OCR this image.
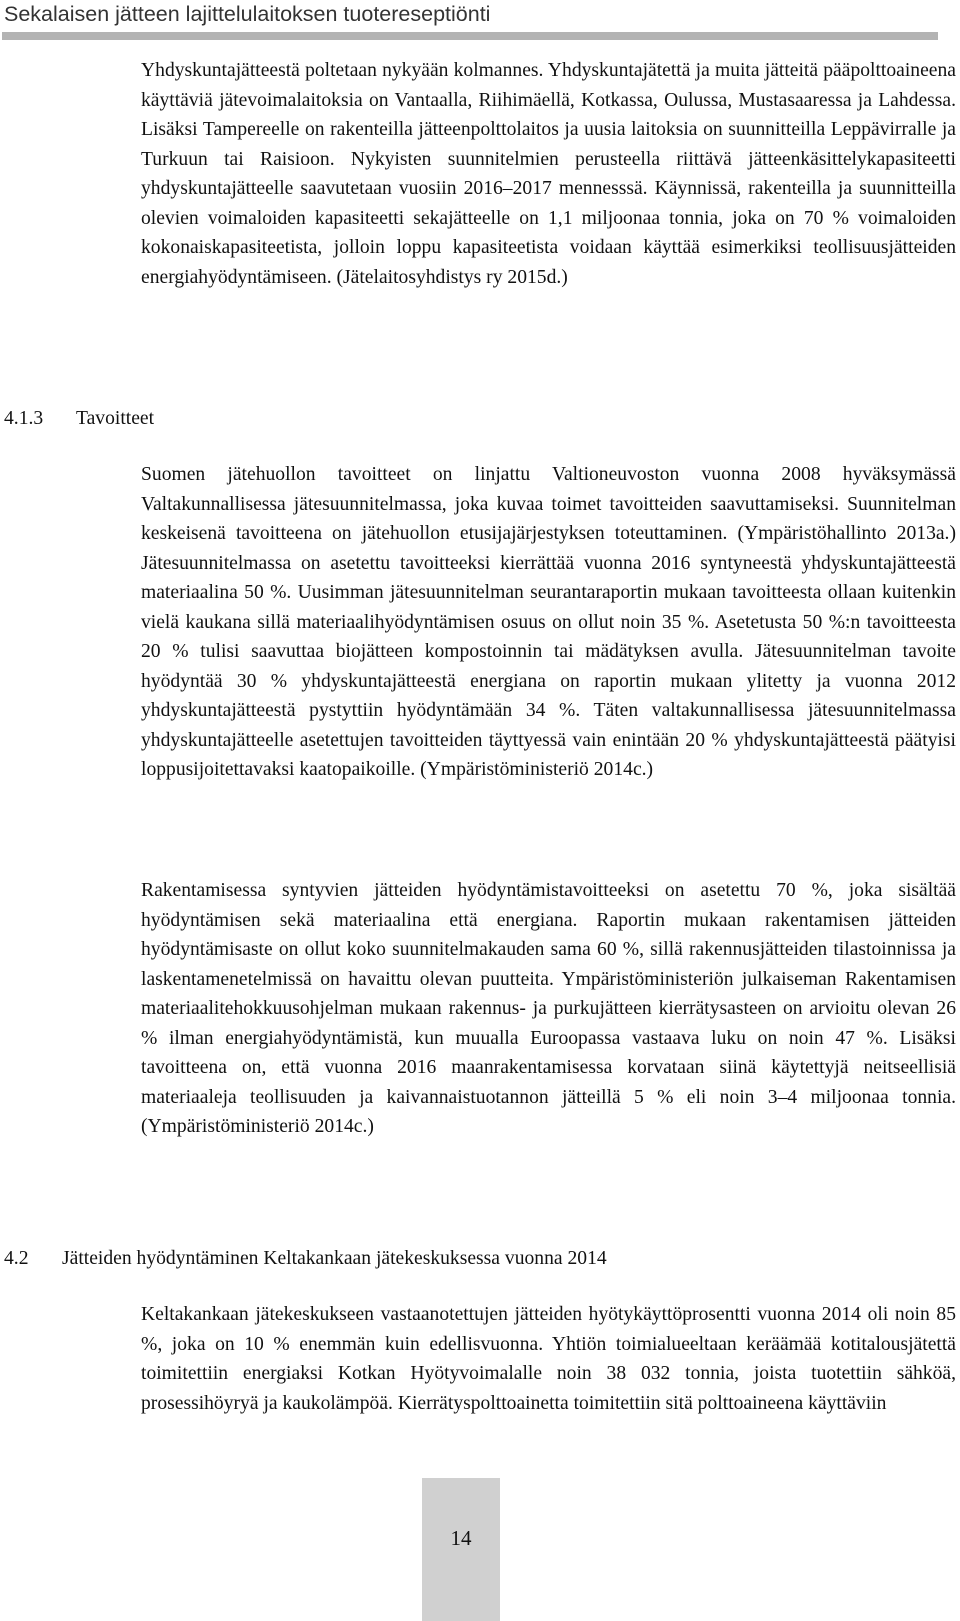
Sekalaisen jätteen lajittelulaitoksen tuotereseptiönti

Yhdyskuntajätteestä poltetaan nykyään kolmannes. Yhdyskuntajätettä ja muita jätteitä pääpolttoaineena käyttäviä jätevoimalaitoksia on Vantaalla, Riihimäellä, Kotkassa, Oulussa, Mustasaaressa ja Lahdessa. Lisäksi Tampereelle on rakenteilla jätteenpolttolaitos ja uusia laitoksia on suunnitteilla Leppävirralle ja Turkuun tai Raisioon. Nykyisten suunnitelmien perusteella riittävä jätteenkäsittelykapasiteetti yhdyskuntajätteelle saavutetaan vuosiin 2016–2017 mennesssä. Käynnissä, rakenteilla ja suunnitteilla olevien voimaloiden kapasiteetti sekajätteelle on 1,1 miljoonaa tonnia, joka on 70 % voimaloiden kokonaiskapasiteetista, jolloin loppu kapasiteetista voidaan käyttää esimerkiksi teollisuusjätteiden energiahyödyntämiseen. (Jätelaitosyhdistys ry 2015d.)

4.1.3 Tavoitteet

Suomen jätehuollon tavoitteet on linjattu Valtioneuvoston vuonna 2008 hyväksymässä Valtakunnallisessa jätesuunnitelmassa, joka kuvaa toimet tavoitteiden saavuttamiseksi. Suunnitelman keskeisenä tavoitteena on jätehuollon etusijajärjestyksen toteuttaminen. (Ympäristöhallinto 2013a.) Jätesuunnitelmassa on asetettu tavoitteeksi kierrättää vuonna 2016 syntyneestä yhdyskuntajätteestä materiaalina 50 %. Uusimman jätesuunnitelman seurantaraportin mukaan tavoitteesta ollaan kuitenkin vielä kaukana sillä materiaalihyödyntämisen osuus on ollut noin 35 %. Asetetusta 50 %:n tavoitteesta 20 % tulisi saavuttaa biojätteen kompostoinnin tai mädätyksen avulla. Jätesuunnitelman tavoite hyödyntää 30 % yhdyskuntajätteestä energiana on raportin mukaan ylitetty ja vuonna 2012 yhdyskuntajätteestä pystyttiin hyödyntämään 34 %. Täten valtakunnallisessa jätesuunnitelmassa yhdyskuntajätteelle asetettujen tavoitteiden täyttyessä vain enintään 20 % yhdyskuntajätteestä päätyisi loppusijoitettavaksi kaatopaikoille. (Ympäristöministeriö 2014c.)

Rakentamisessa syntyvien jätteiden hyödyntämistavoitteeksi on asetettu 70 %, joka sisältää hyödyntämisen sekä materiaalina että energiana. Raportin mukaan rakentamisen jätteiden hyödyntämisaste on ollut koko suunnitelmakauden sama 60 %, sillä rakennusjätteiden tilastoinnissa ja laskentamenetelmissä on havaittu olevan puutteita. Ympäristöministeriön julkaiseman Rakentamisen materiaalitehokkuusohjelman mukaan rakennus- ja purkujätteen kierrätysasteen on arvioitu olevan 26 % ilman energiahyödyntämistä, kun muualla Euroopassa vastaava luku on noin 47 %. Lisäksi tavoitteena on, että vuonna 2016 maanrakentamisessa korvataan siinä käytettyjä neitseellisiä materiaaleja teollisuuden ja kaivannaistuotannon jätteillä 5 % eli noin 3–4 miljoonaa tonnia. (Ympäristöministeriö 2014c.)

4.2 Jätteiden hyödyntäminen Keltakankaan jätekeskuksessa vuonna 2014

Keltakankaan jätekeskukseen vastaanotettujen jätteiden hyötykäyttöprosentti vuonna 2014 oli noin 85 %, joka on 10 % enemmän kuin edellisvuonna. Yhtiön toimialueeltaan keräämää kotitalousjätettä toimitettiin energiaksi Kotkan Hyötyvoimalalle noin 38 032 tonnia, joista tuotettiin sähköä, prosessihöyryä ja kaukolämpöä. Kierrätyspolttoainetta toimitettiin sitä polttoaineena käyttäviin

14
